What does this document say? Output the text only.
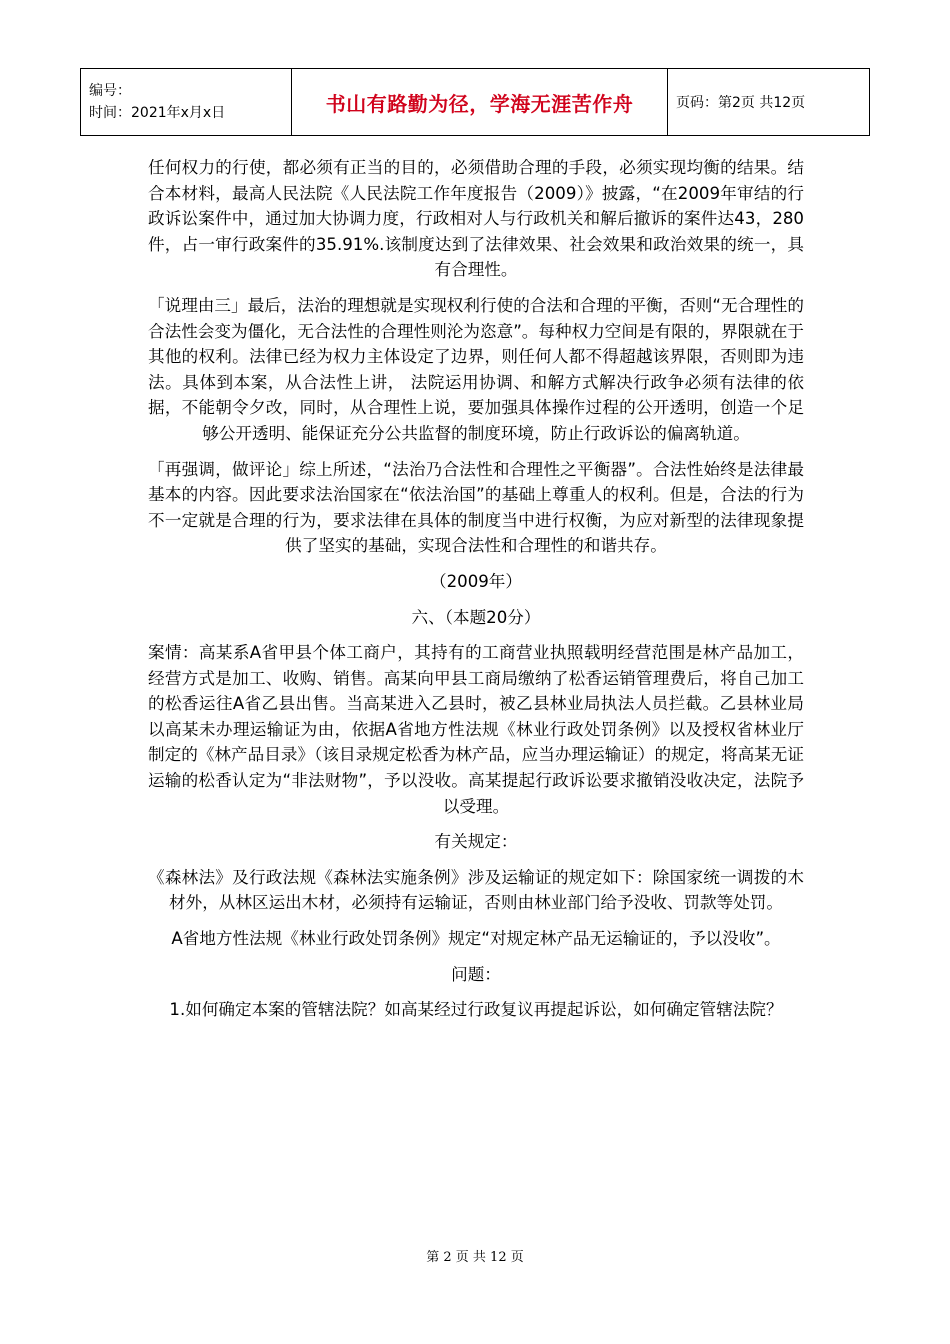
编号：
时间：2021年x月x日	书山有路勤为径，学海无涯苦作舟	页码：第2页 共12页

任何权力的行使，都必须有正当的目的，必须借助合理的手段，必须实现均衡的结果。结合本材料，最高人民法院《人民法院工作年度报告（2009）》披露，“在2009年审结的行政诉讼案件中，通过加大协调力度，行政相对人与行政机关和解后撤诉的案件达43，280件，占一审行政案件的35.91%.该制度达到了法律效果、社会效果和政治效果的统一，具有合理性。

「说理由三」最后，法治的理想就是实现权利行使的合法和合理的平衡，否则“无合理性的合法性会变为僵化，无合法性的合理性则沦为恣意”。每种权力空间是有限的，界限就在于其他的权利。法律已经为权力主体设定了边界，则任何人都不得超越该界限，否则即为违法。具体到本案，从合法性上讲， 法院运用协调、和解方式解决行政争必须有法律的依据，不能朝令夕改，同时，从合理性上说，要加强具体操作过程的公开透明，创造一个足够公开透明、能保证充分公共监督的制度环境，防止行政诉讼的偏离轨道。

「再强调，做评论」综上所述，“法治乃合法性和合理性之平衡器”。合法性始终是法律最基本的内容。因此要求法治国家在“依法治国”的基础上尊重人的权利。但是，合法的行为不一定就是合理的行为，要求法律在具体的制度当中进行权衡，为应对新型的法律现象提供了坚实的基础，实现合法性和合理性的和谐共存。

（2009年）

六、（本题20分）

案情：高某系A省甲县个体工商户，其持有的工商营业执照载明经营范围是林产品加工，经营方式是加工、收购、销售。高某向甲县工商局缴纳了松香运销管理费后，将自己加工的松香运往A省乙县出售。当高某进入乙县时，被乙县林业局执法人员拦截。乙县林业局以高某未办理运输证为由，依据A省地方性法规《林业行政处罚条例》以及授权省林业厅制定的《林产品目录》（该目录规定松香为林产品，应当办理运输证）的规定，将高某无证运输的松香认定为“非法财物”，予以没收。高某提起行政诉讼要求撤销没收决定，法院予以受理。

有关规定：

《森林法》及行政法规《森林法实施条例》涉及运输证的规定如下：除国家统一调拨的木材外，从林区运出木材，必须持有运输证，否则由林业部门给予没收、罚款等处罚。

A省地方性法规《林业行政处罚条例》规定“对规定林产品无运输证的，予以没收”。

问题：

1.如何确定本案的管辖法院？如高某经过行政复议再提起诉讼，如何确定管辖法院？

第 2 页 共 12 页
